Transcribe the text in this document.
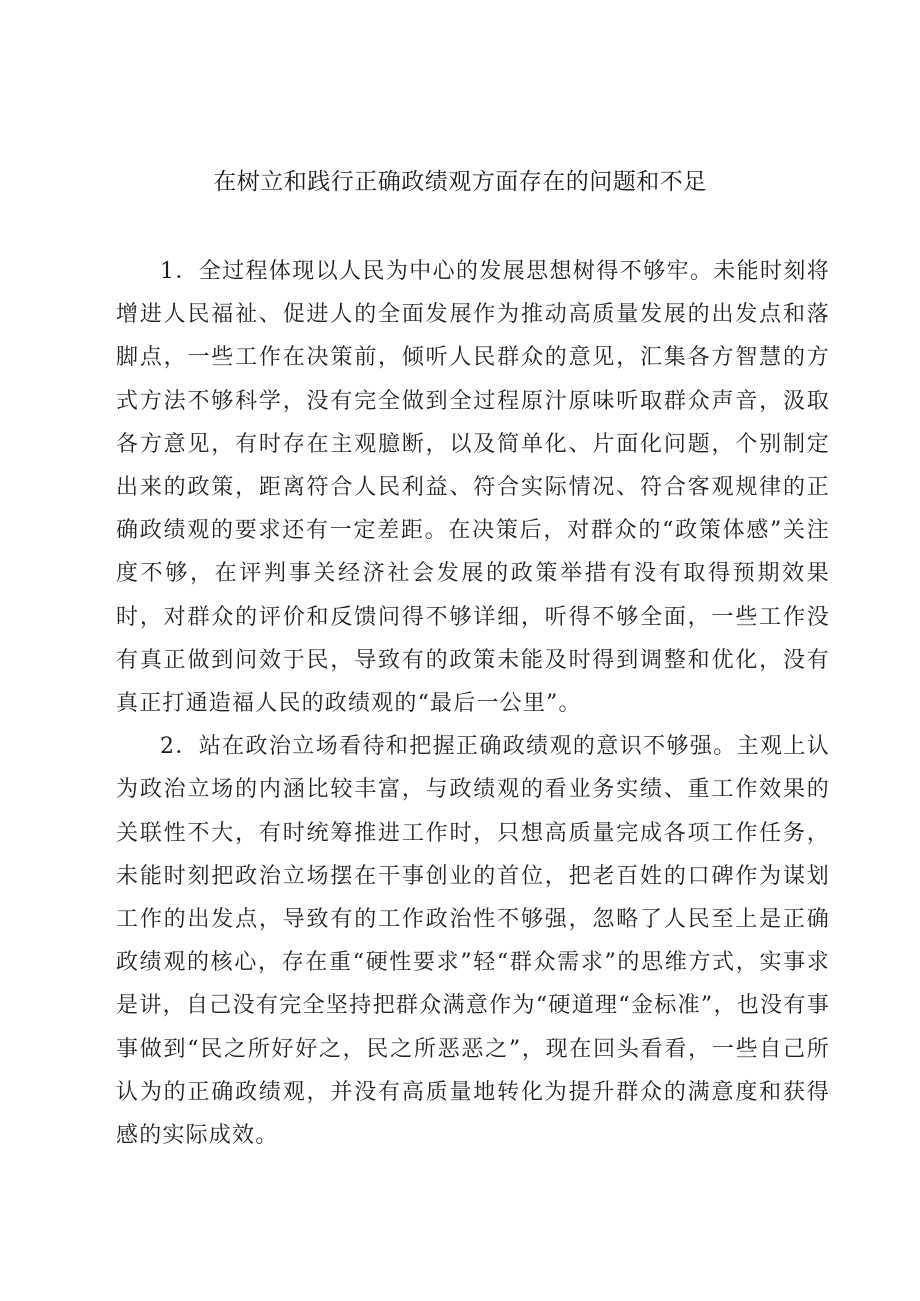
在树立和践行正确政绩观方面存在的问题和不足

1．全过程体现以人民为中心的发展思想树得不够牢。未能时刻将增进人民福祉、促进人的全面发展作为推动高质量发展的出发点和落脚点，一些工作在决策前，倾听人民群众的意见，汇集各方智慧的方式方法不够科学，没有完全做到全过程原汁原味听取群众声音，汲取各方意见，有时存在主观臆断，以及简单化、片面化问题，个别制定出来的政策，距离符合人民利益、符合实际情况、符合客观规律的正确政绩观的要求还有一定差距。在决策后，对群众的“政策体感”关注度不够，在评判事关经济社会发展的政策举措有没有取得预期效果时，对群众的评价和反馈问得不够详细，听得不够全面，一些工作没有真正做到问效于民，导致有的政策未能及时得到调整和优化，没有真正打通造福人民的政绩观的“最后一公里”。

2．站在政治立场看待和把握正确政绩观的意识不够强。主观上认为政治立场的内涵比较丰富，与政绩观的看业务实绩、重工作效果的关联性不大，有时统筹推进工作时，只想高质量完成各项工作任务，未能时刻把政治立场摆在干事创业的首位，把老百姓的口碑作为谋划工作的出发点，导致有的工作政治性不够强，忽略了人民至上是正确政绩观的核心，存在重“硬性要求”轻“群众需求”的思维方式，实事求是讲，自己没有完全坚持把群众满意作为“硬道理“金标准”，也没有事事做到“民之所好好之，民之所恶恶之”，现在回头看看，一些自己所认为的正确政绩观，并没有高质量地转化为提升群众的满意度和获得感的实际成效。
